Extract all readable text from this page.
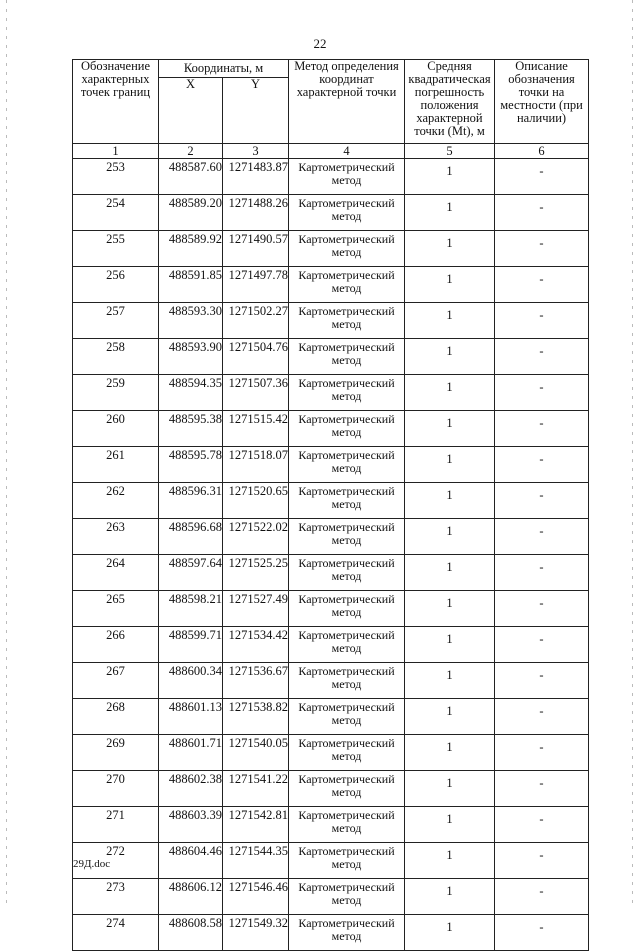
22
Обозначение характерных точек границ	Координаты, м		Метод определения координат характерной точки	Средняя квадратическая погрешность положения характерной точки (Mt), м	Описание обозначения точки на местности (при наличии)
	X	Y			
1	2	3	4	5	6
253	488587.60	1271483.87	Картометрический метод	1	-
254	488589.20	1271488.26	Картометрический метод	1	-
255	488589.92	1271490.57	Картометрический метод	1	-
256	488591.85	1271497.78	Картометрический метод	1	-
257	488593.30	1271502.27	Картометрический метод	1	-
258	488593.90	1271504.76	Картометрический метод	1	-
259	488594.35	1271507.36	Картометрический метод	1	-
260	488595.38	1271515.42	Картометрический метод	1	-
261	488595.78	1271518.07	Картометрический метод	1	-
262	488596.31	1271520.65	Картометрический метод	1	-
263	488596.68	1271522.02	Картометрический метод	1	-
264	488597.64	1271525.25	Картометрический метод	1	-
265	488598.21	1271527.49	Картометрический метод	1	-
266	488599.71	1271534.42	Картометрический метод	1	-
267	488600.34	1271536.67	Картометрический метод	1	-
268	488601.13	1271538.82	Картометрический метод	1	-
269	488601.71	1271540.05	Картометрический метод	1	-
270	488602.38	1271541.22	Картометрический метод	1	-
271	488603.39	1271542.81	Картометрический метод	1	-
272	488604.46	1271544.35	Картометрический метод	1	-
273	488606.12	1271546.46	Картометрический метод	1	-
274	488608.58	1271549.32	Картометрический метод	1	-
29Д.doc
